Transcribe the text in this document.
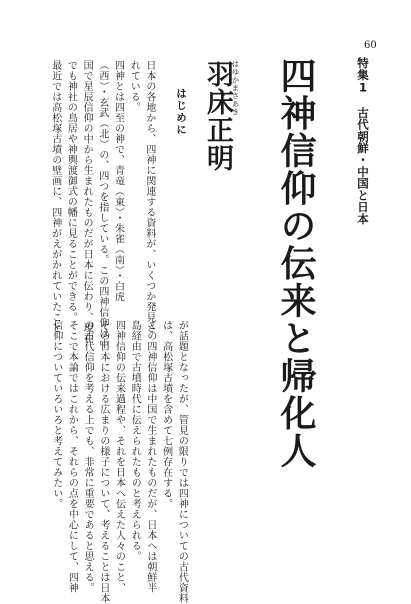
60
特集1　古代朝鮮・中国と日本
四神信仰の伝来と帰化人
はゆかまさあき
羽床正明
はじめに
日本の各地から、四神に関連する資料が、いくつか発見さ
れている。
四神とは四至の神で、青竜（東）・朱雀（南）・白虎
（西）・玄武（北）の、四つを指している。この四神信仰は中
国で星辰信仰の中から生まれたものだが日本に伝わり、現在
でも神社の鳥居や神輿渡御式の幡に見ることができる。
最近では高松塚古墳の壁画に、四神がえがかれていたこと
が話題となったが、管見の限りでは四神についての古代資料
は、高松塚古墳を含めて七例存在する。
この四神信仰は中国で生まれたものだが、日本へは朝鮮半
島経由で古墳時代に伝えられたものと考えられる。
四神信仰の伝来過程や、それを日本へ伝えた人々のこと、
その日本における広まりの様子について、考えることは日本
の古代信仰を考える上でも、非常に重要であると思える。
そこで本論ではこれから、それらの点を中心にして、四神
信仰についていろいろと考えてみたい。
